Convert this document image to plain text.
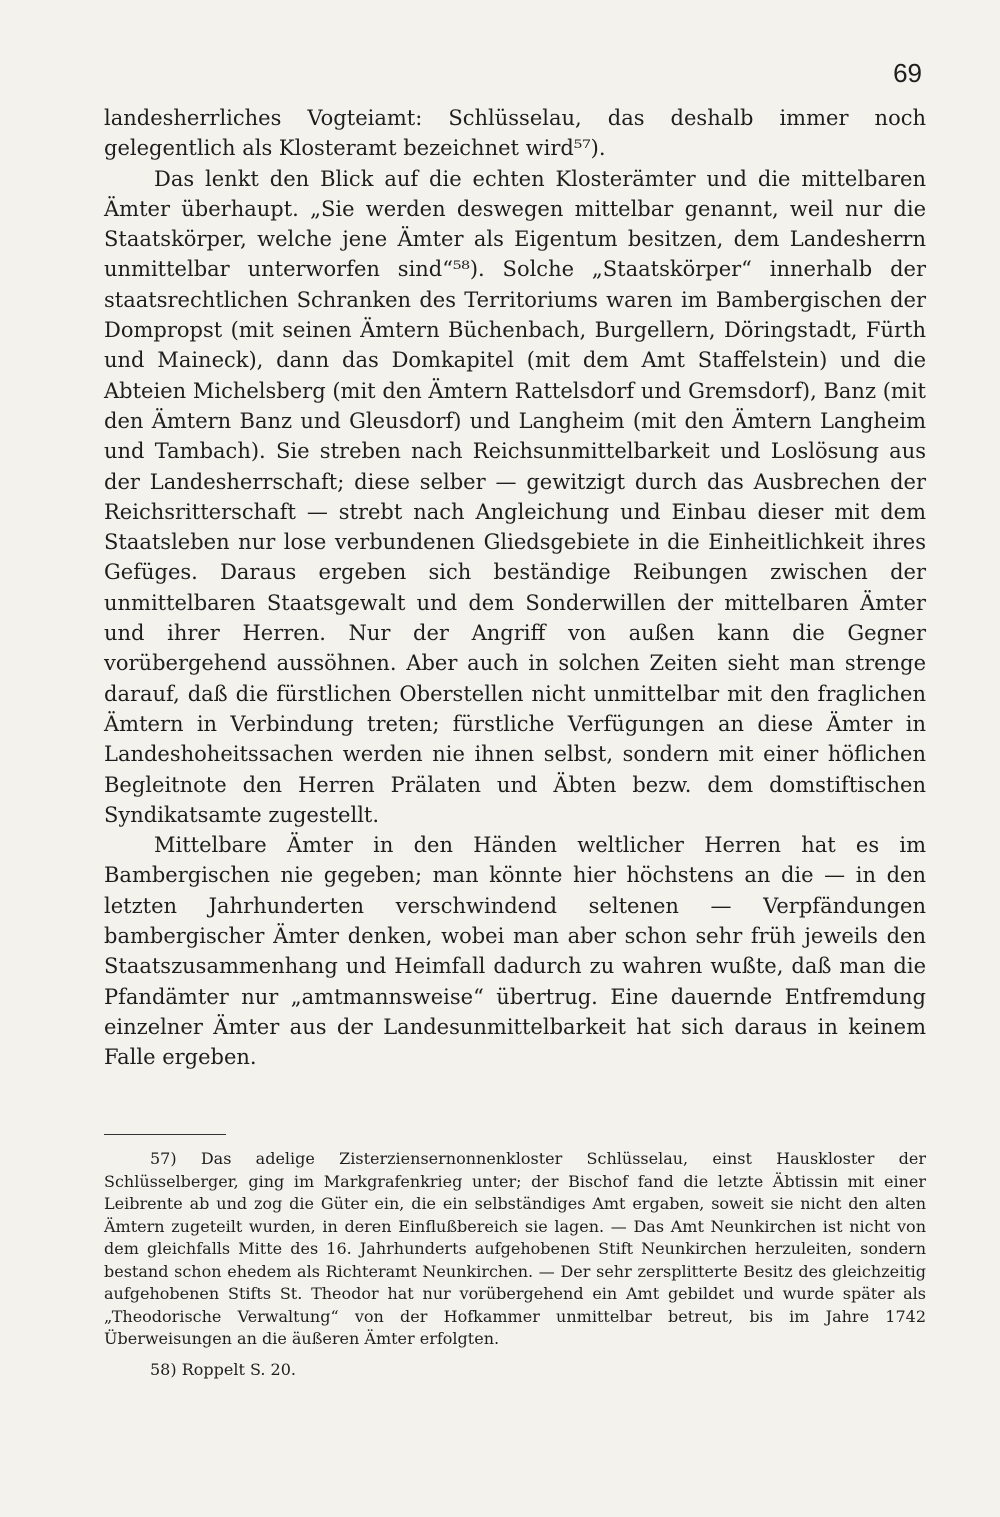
69

landesherrliches Vogteiamt: Schlüsselau, das deshalb immer noch gelegentlich als Klosteramt bezeichnet wird⁵⁷).

Das lenkt den Blick auf die echten Klosterämter und die mittelbaren Ämter überhaupt. „Sie werden deswegen mittelbar genannt, weil nur die Staatskörper, welche jene Ämter als Eigentum besitzen, dem Landesherrn unmittelbar unterworfen sind“⁵⁸). Solche „Staatskörper“ innerhalb der staatsrechtlichen Schranken des Territoriums waren im Bambergischen der Dompropst (mit seinen Ämtern Büchenbach, Burgellern, Döringstadt, Fürth und Maineck), dann das Domkapitel (mit dem Amt Staffelstein) und die Abteien Michelsberg (mit den Ämtern Rattelsdorf und Gremsdorf), Banz (mit den Ämtern Banz und Gleusdorf) und Langheim (mit den Ämtern Langheim und Tambach). Sie streben nach Reichsunmittelbarkeit und Loslösung aus der Landesherrschaft; diese selber — gewitzigt durch das Ausbrechen der Reichsritterschaft — strebt nach Angleichung und Einbau dieser mit dem Staatsleben nur lose verbundenen Gliedsgebiete in die Einheitlichkeit ihres Gefüges. Daraus ergeben sich beständige Reibungen zwischen der unmittelbaren Staatsgewalt und dem Sonderwillen der mittelbaren Ämter und ihrer Herren. Nur der Angriff von außen kann die Gegner vorübergehend aussöhnen. Aber auch in solchen Zeiten sieht man strenge darauf, daß die fürstlichen Oberstellen nicht unmittelbar mit den fraglichen Ämtern in Verbindung treten; fürstliche Verfügungen an diese Ämter in Landeshoheitssachen werden nie ihnen selbst, sondern mit einer höflichen Begleitnote den Herren Prälaten und Äbten bezw. dem domstiftischen Syndikatsamte zugestellt.

Mittelbare Ämter in den Händen weltlicher Herren hat es im Bambergischen nie gegeben; man könnte hier höchstens an die — in den letzten Jahrhunderten verschwindend seltenen — Verpfändungen bambergischer Ämter denken, wobei man aber schon sehr früh jeweils den Staatszusammenhang und Heimfall dadurch zu wahren wußte, daß man die Pfandämter nur „amtmannsweise“ übertrug. Eine dauernde Entfremdung einzelner Ämter aus der Landesunmittelbarkeit hat sich daraus in keinem Falle ergeben.

57) Das adelige Zisterziensernonnenkloster Schlüsselau, einst Hauskloster der Schlüsselberger, ging im Markgrafenkrieg unter; der Bischof fand die letzte Äbtissin mit einer Leibrente ab und zog die Güter ein, die ein selbständiges Amt ergaben, soweit sie nicht den alten Ämtern zugeteilt wurden, in deren Einflußbereich sie lagen. — Das Amt Neunkirchen ist nicht von dem gleichfalls Mitte des 16. Jahrhunderts aufgehobenen Stift Neunkirchen herzuleiten, sondern bestand schon ehedem als Richteramt Neunkirchen. — Der sehr zersplitterte Besitz des gleichzeitig aufgehobenen Stifts St. Theodor hat nur vorübergehend ein Amt gebildet und wurde später als „Theodorische Verwaltung“ von der Hofkammer unmittelbar betreut, bis im Jahre 1742 Überweisungen an die äußeren Ämter erfolgten.

58) Roppelt S. 20.
